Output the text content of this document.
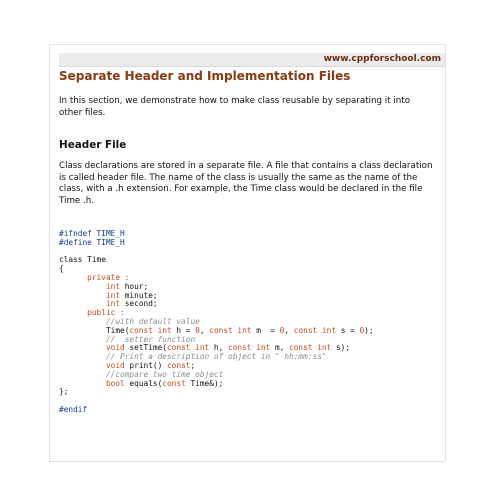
www.cppforschool.com
Separate Header and Implementation Files
In this section, we demonstrate how to make class reusable by separating it into other files.
Header File
Class declarations are stored in a separate file. A file that contains a class declaration is called header file. The name of the class is usually the same as the name of the class, with a .h extension. For example, the Time class would be declared in the file Time .h.
#ifndef TIME_H
#define TIME_H

class Time
{
private :
int hour;
int minute;
int second;
public :
//with default value
Time(const int h = 0, const int m  = 0, const int s = 0);
//  setter function
void setTime(const int h, const int m, const int s);
// Print a description of object in " hh:mm:ss"
void print() const;
//compare two time object
bool equals(const Time&);
};

#endif
